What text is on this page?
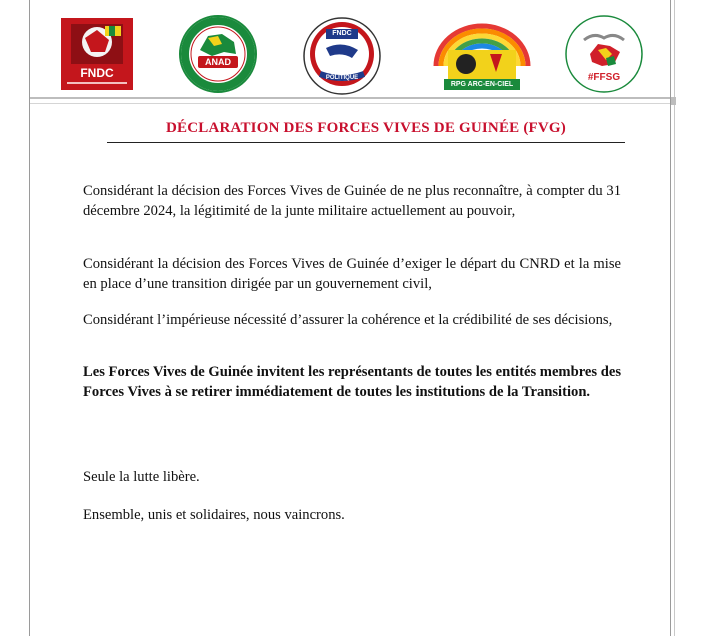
FNDC
ANAD
FNDC
POLITIQUE
RPG ARC-EN-CIEL
#FFSG
DÉCLARATION DES FORCES VIVES DE GUINÉE (FVG)
Considérant la décision des Forces Vives de Guinée de ne plus reconnaître, à compter du 31 décembre 2024, la légitimité de la junte militaire actuellement au pouvoir,
Considérant la décision des Forces Vives de Guinée d’exiger le départ du CNRD et la mise en place d’une transition dirigée par un gouvernement civil,
Considérant l’impérieuse nécessité d’assurer la cohérence et la crédibilité de ses décisions,
Les Forces Vives de Guinée invitent les représentants de toutes les entités membres des Forces Vives à se retirer immédiatement de toutes les institutions de la Transition.
Seule la lutte libère.
Ensemble, unis et solidaires, nous vaincrons.
